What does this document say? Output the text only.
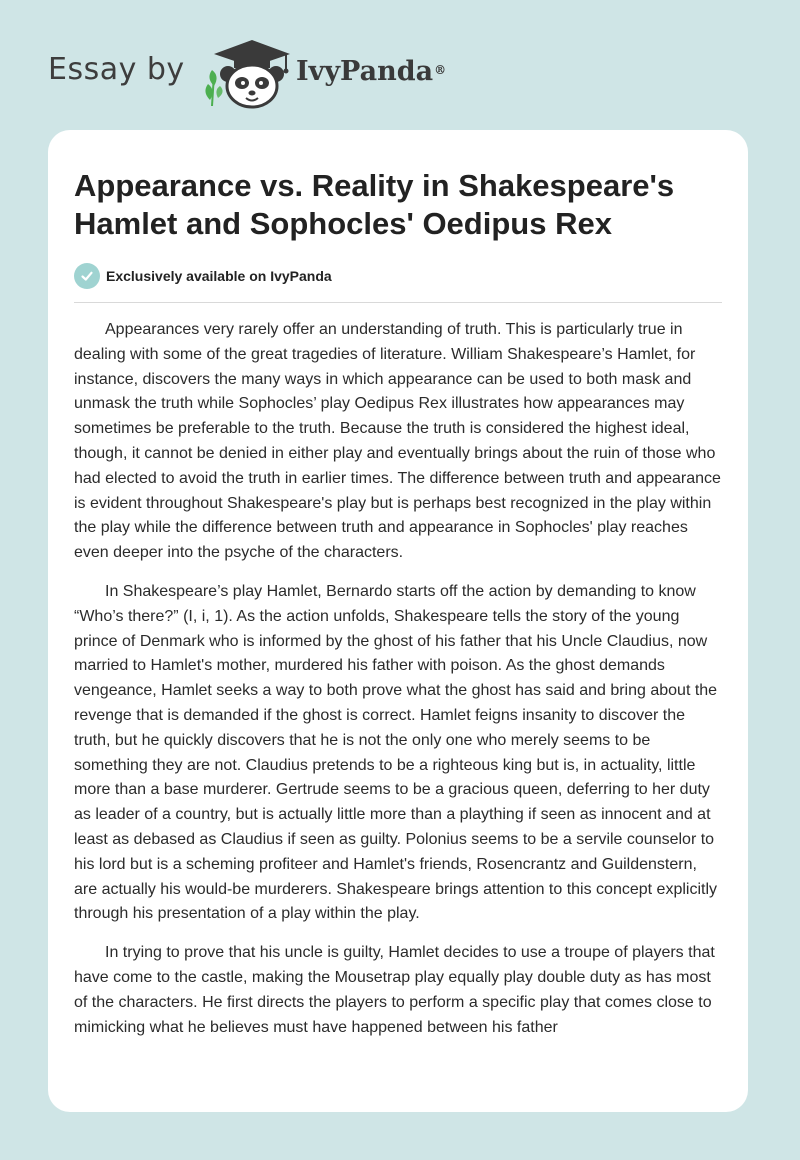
Essay by	IvyPanda®
Appearance vs. Reality in Shakespeare's Hamlet and Sophocles' Oedipus Rex
Exclusively available on IvyPanda

Appearances very rarely offer an understanding of truth. This is particularly true in dealing with some of the great tragedies of literature. William Shakespeare’s Hamlet, for instance, discovers the many ways in which appearance can be used to both mask and unmask the truth while Sophocles’ play Oedipus Rex illustrates how appearances may sometimes be preferable to the truth. Because the truth is considered the highest ideal, though, it cannot be denied in either play and eventually brings about the ruin of those who had elected to avoid the truth in earlier times. The difference between truth and appearance is evident throughout Shakespeare's play but is perhaps best recognized in the play within the play while the difference between truth and appearance in Sophocles' play reaches even deeper into the psyche of the characters.

In Shakespeare’s play Hamlet, Bernardo starts off the action by demanding to know “Who’s there?” (I, i, 1). As the action unfolds, Shakespeare tells the story of the young prince of Denmark who is informed by the ghost of his father that his Uncle Claudius, now married to Hamlet's mother, murdered his father with poison. As the ghost demands vengeance, Hamlet seeks a way to both prove what the ghost has said and bring about the revenge that is demanded if the ghost is correct. Hamlet feigns insanity to discover the truth, but he quickly discovers that he is not the only one who merely seems to be something they are not. Claudius pretends to be a righteous king but is, in actuality, little more than a base murderer. Gertrude seems to be a gracious queen, deferring to her duty as leader of a country, but is actually little more than a plaything if seen as innocent and at least as debased as Claudius if seen as guilty. Polonius seems to be a servile counselor to his lord but is a scheming profiteer and Hamlet's friends, Rosencrantz and Guildenstern, are actually his would-be murderers. Shakespeare brings attention to this concept explicitly through his presentation of a play within the play.

In trying to prove that his uncle is guilty, Hamlet decides to use a troupe of players that have come to the castle, making the Mousetrap play equally play double duty as has most of the characters. He first directs the players to perform a specific play that comes close to mimicking what he believes must have happened between his father
